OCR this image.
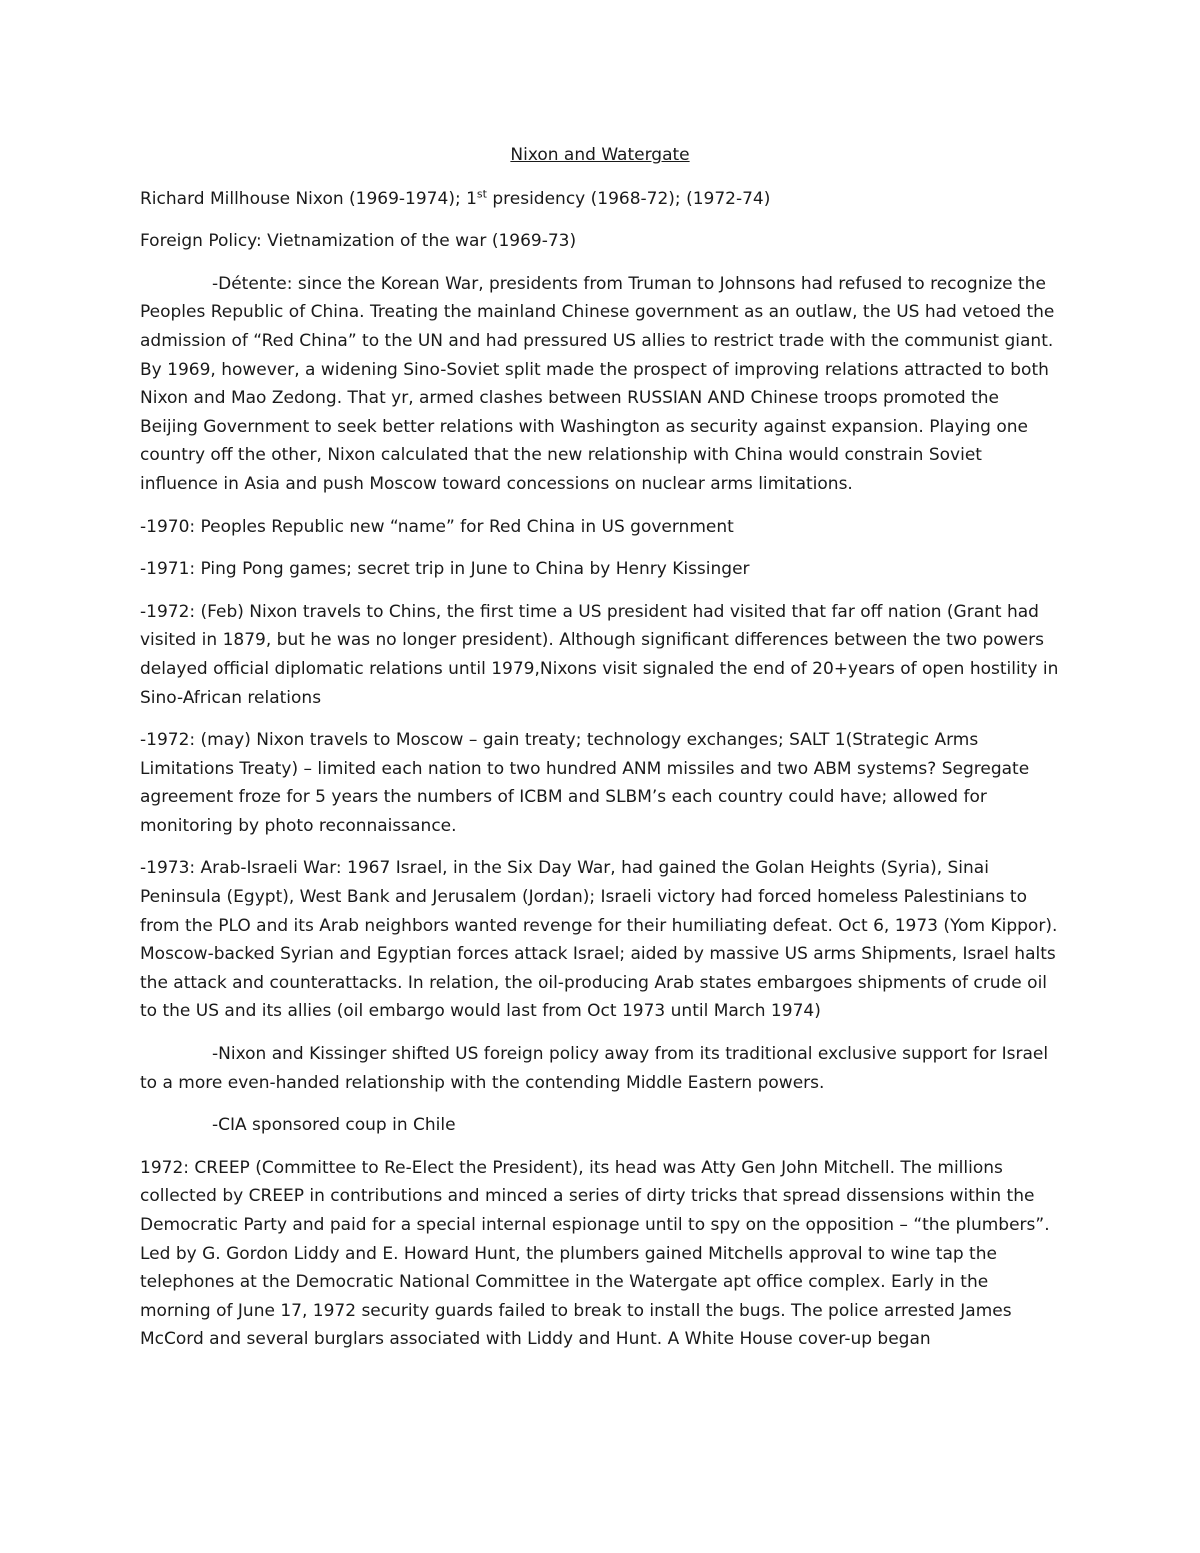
Nixon and Watergate

Richard Millhouse Nixon (1969-1974); 1st presidency (1968-72); (1972-74)

Foreign Policy: Vietnamization of the war (1969-73)

-Détente: since the Korean War, presidents from Truman to Johnsons had refused to recognize the Peoples Republic of China. Treating the mainland Chinese government as an outlaw, the US had vetoed the admission of “Red China” to the UN and had pressured US allies to restrict trade with the communist giant. By 1969, however, a widening Sino-Soviet split made the prospect of improving relations attracted to both Nixon and Mao Zedong. That yr, armed clashes between RUSSIAN AND Chinese troops promoted the Beijing Government to seek better relations with Washington as security against expansion. Playing one country off the other, Nixon calculated that the new relationship with China would constrain Soviet influence in Asia and push Moscow toward concessions on nuclear arms limitations.

-1970: Peoples Republic new “name” for Red China in US government

-1971: Ping Pong games; secret trip in June to China by Henry Kissinger

-1972: (Feb) Nixon travels to Chins, the first time a US president had visited that far off nation (Grant had visited in 1879, but he was no longer president). Although significant differences between the two powers delayed official diplomatic relations until 1979,Nixons visit signaled the end of 20+years of open hostility in Sino-African relations

-1972: (may) Nixon travels to Moscow – gain treaty; technology exchanges; SALT 1(Strategic Arms Limitations Treaty) – limited each nation to two hundred ANM missiles and two ABM systems? Segregate agreement froze for 5 years the numbers of ICBM and SLBM’s each country could have; allowed for monitoring by photo reconnaissance.

-1973: Arab-Israeli War: 1967 Israel, in the Six Day War, had gained the Golan Heights (Syria), Sinai Peninsula (Egypt), West Bank and Jerusalem (Jordan); Israeli victory had forced homeless Palestinians to from the PLO and its Arab neighbors wanted revenge for their humiliating defeat. Oct 6, 1973 (Yom Kippor). Moscow-backed Syrian and Egyptian forces attack Israel; aided by massive US arms Shipments, Israel halts the attack and counterattacks. In relation, the oil-producing Arab states embargoes shipments of crude oil to the US and its allies (oil embargo would last from Oct 1973 until March 1974)

-Nixon and Kissinger shifted US foreign policy away from its traditional exclusive support for Israel to a more even-handed relationship with the contending Middle Eastern powers.

-CIA sponsored coup in Chile

1972: CREEP (Committee to Re-Elect the President), its head was Atty Gen John Mitchell. The millions collected by CREEP in contributions and minced a series of dirty tricks that spread dissensions within the Democratic Party and paid for a special internal espionage until to spy on the opposition – “the plumbers”. Led by G. Gordon Liddy and E. Howard Hunt, the plumbers gained Mitchells approval to wine tap the telephones at the Democratic National Committee in the Watergate apt office complex. Early in the morning of June 17, 1972 security guards failed to break to install the bugs. The police arrested James McCord and several burglars associated with Liddy and Hunt. A White House cover-up began
